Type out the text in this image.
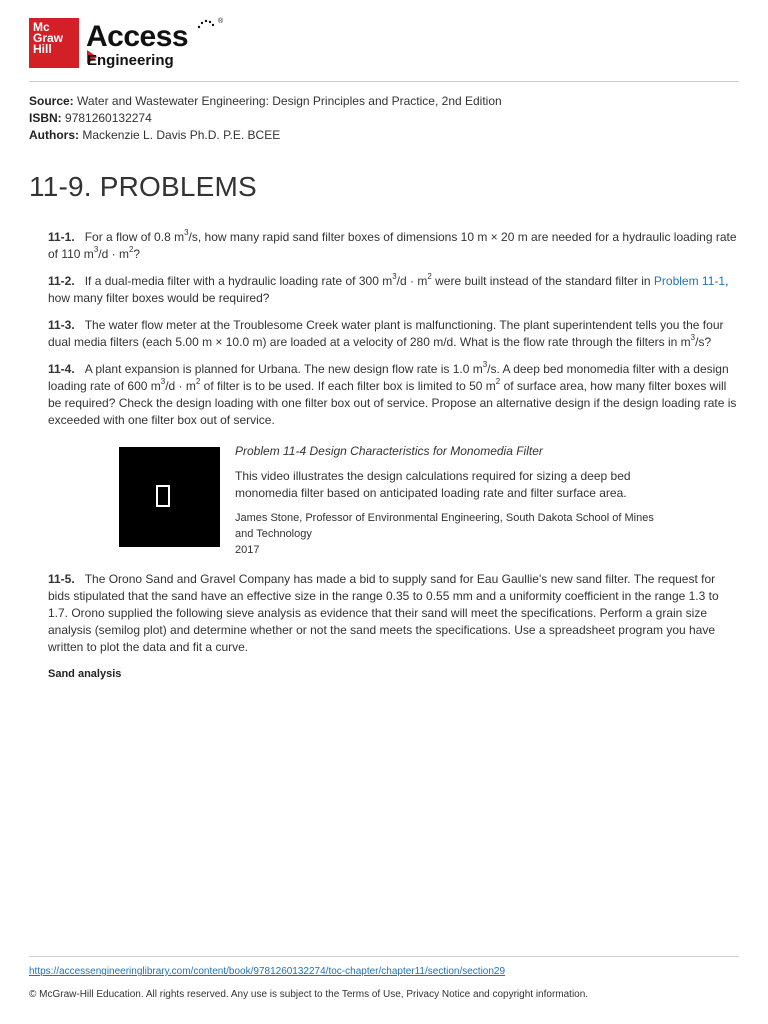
Mc
Graw
Hill	Access	®
Engineering
Source: Water and Wastewater Engineering: Design Principles and Practice, 2nd Edition
ISBN: 9781260132274
Authors: Mackenzie L. Davis Ph.D. P.E. BCEE
11-9. PROBLEMS

11-1. For a flow of 0.8 $m^3/s$, how many rapid sand filter boxes of dimensions 10 m × 20 m are needed for a hydraulic loading rate of 110 $m^3/d \cdot m^2$?

11-2. If a dual-media filter with a hydraulic loading rate of 300 $m^3/d \cdot m^2$ were built instead of the standard filter in Problem 11-1, how many filter boxes would be required?

11-3. The water flow meter at the Troublesome Creek water plant is malfunctioning. The plant superintendent tells you the four dual media filters (each 5.00 m × 10.0 m) are loaded at a velocity of 280 m/d. What is the flow rate through the filters in $m^3/s$?

11-4. A plant expansion is planned for Urbana. The new design flow rate is 1.0 $m^3/s$. A deep bed monomedia filter with a design loading rate of 600 $m^3/d \cdot m^2$ of filter is to be used. If each filter box is limited to 50 $m^2$ of surface area, how many filter boxes will be required? Check the design loading with one filter box out of service. Propose an alternative design if the design loading rate is exceeded with one filter box out of service.

Problem 11-4 Design Characteristics for Monomedia Filter
This video illustrates the design calculations required for sizing a deep bed monomedia filter based on anticipated loading rate and filter surface area.
James Stone, Professor of Environmental Engineering, South Dakota School of Mines and Technology
2017

11-5. The Orono Sand and Gravel Company has made a bid to supply sand for Eau Gaullie's new sand filter. The request for bids stipulated that the sand have an effective size in the range 0.35 to 0.55 mm and a uniformity coefficient in the range 1.3 to 1.7. Orono supplied the following sieve analysis as evidence that their sand will meet the specifications. Perform a grain size analysis (semilog plot) and determine whether or not the sand meets the specifications. Use a spreadsheet program you have written to plot the data and fit a curve.

Sand analysis
https://accessengineeringlibrary.com/content/book/9781260132274/toc-chapter/chapter11/section/section29
© McGraw-Hill Education. All rights reserved. Any use is subject to the Terms of Use, Privacy Notice and copyright information.
